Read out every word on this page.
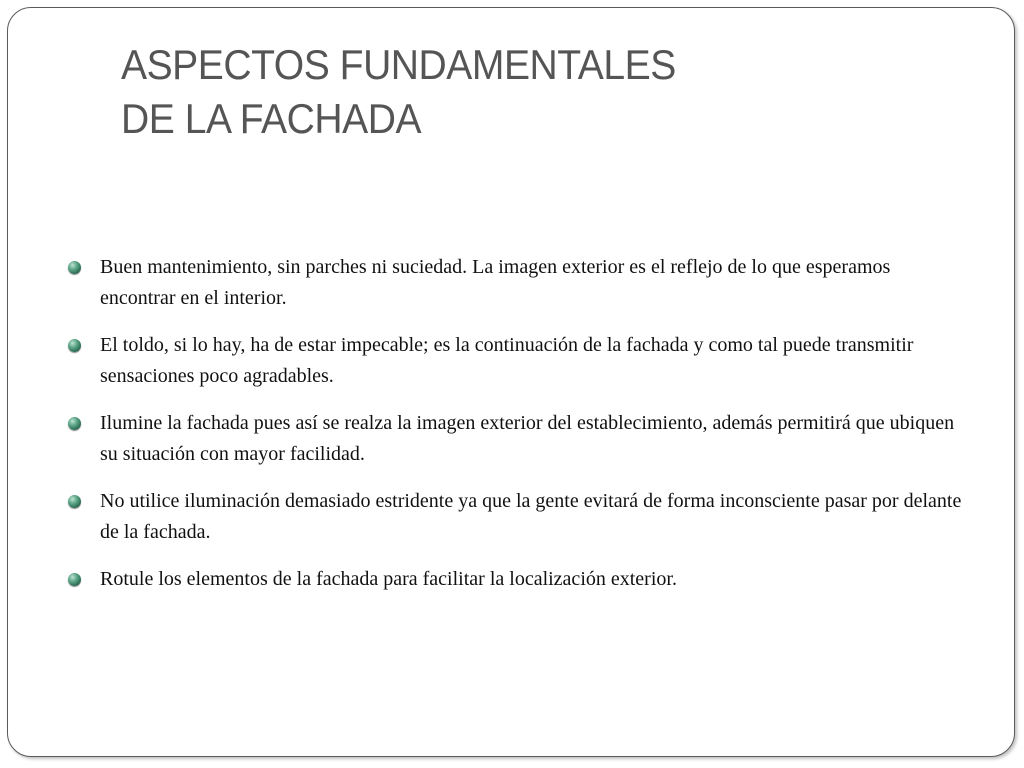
ASPECTOS FUNDAMENTALES
DE LA FACHADA
Buen mantenimiento, sin parches ni suciedad. La imagen exterior es el reflejo de lo que esperamos encontrar en el interior.
El toldo, si lo hay, ha de estar impecable; es la continuación de la fachada y como tal puede transmitir sensaciones poco agradables.
Ilumine la fachada pues así se realza la imagen exterior del establecimiento, además permitirá que ubiquen su situación con mayor facilidad.
No utilice iluminación demasiado estridente ya que la gente evitará de forma inconsciente pasar por delante de la fachada.
Rotule los elementos de la fachada para facilitar la localización exterior.
